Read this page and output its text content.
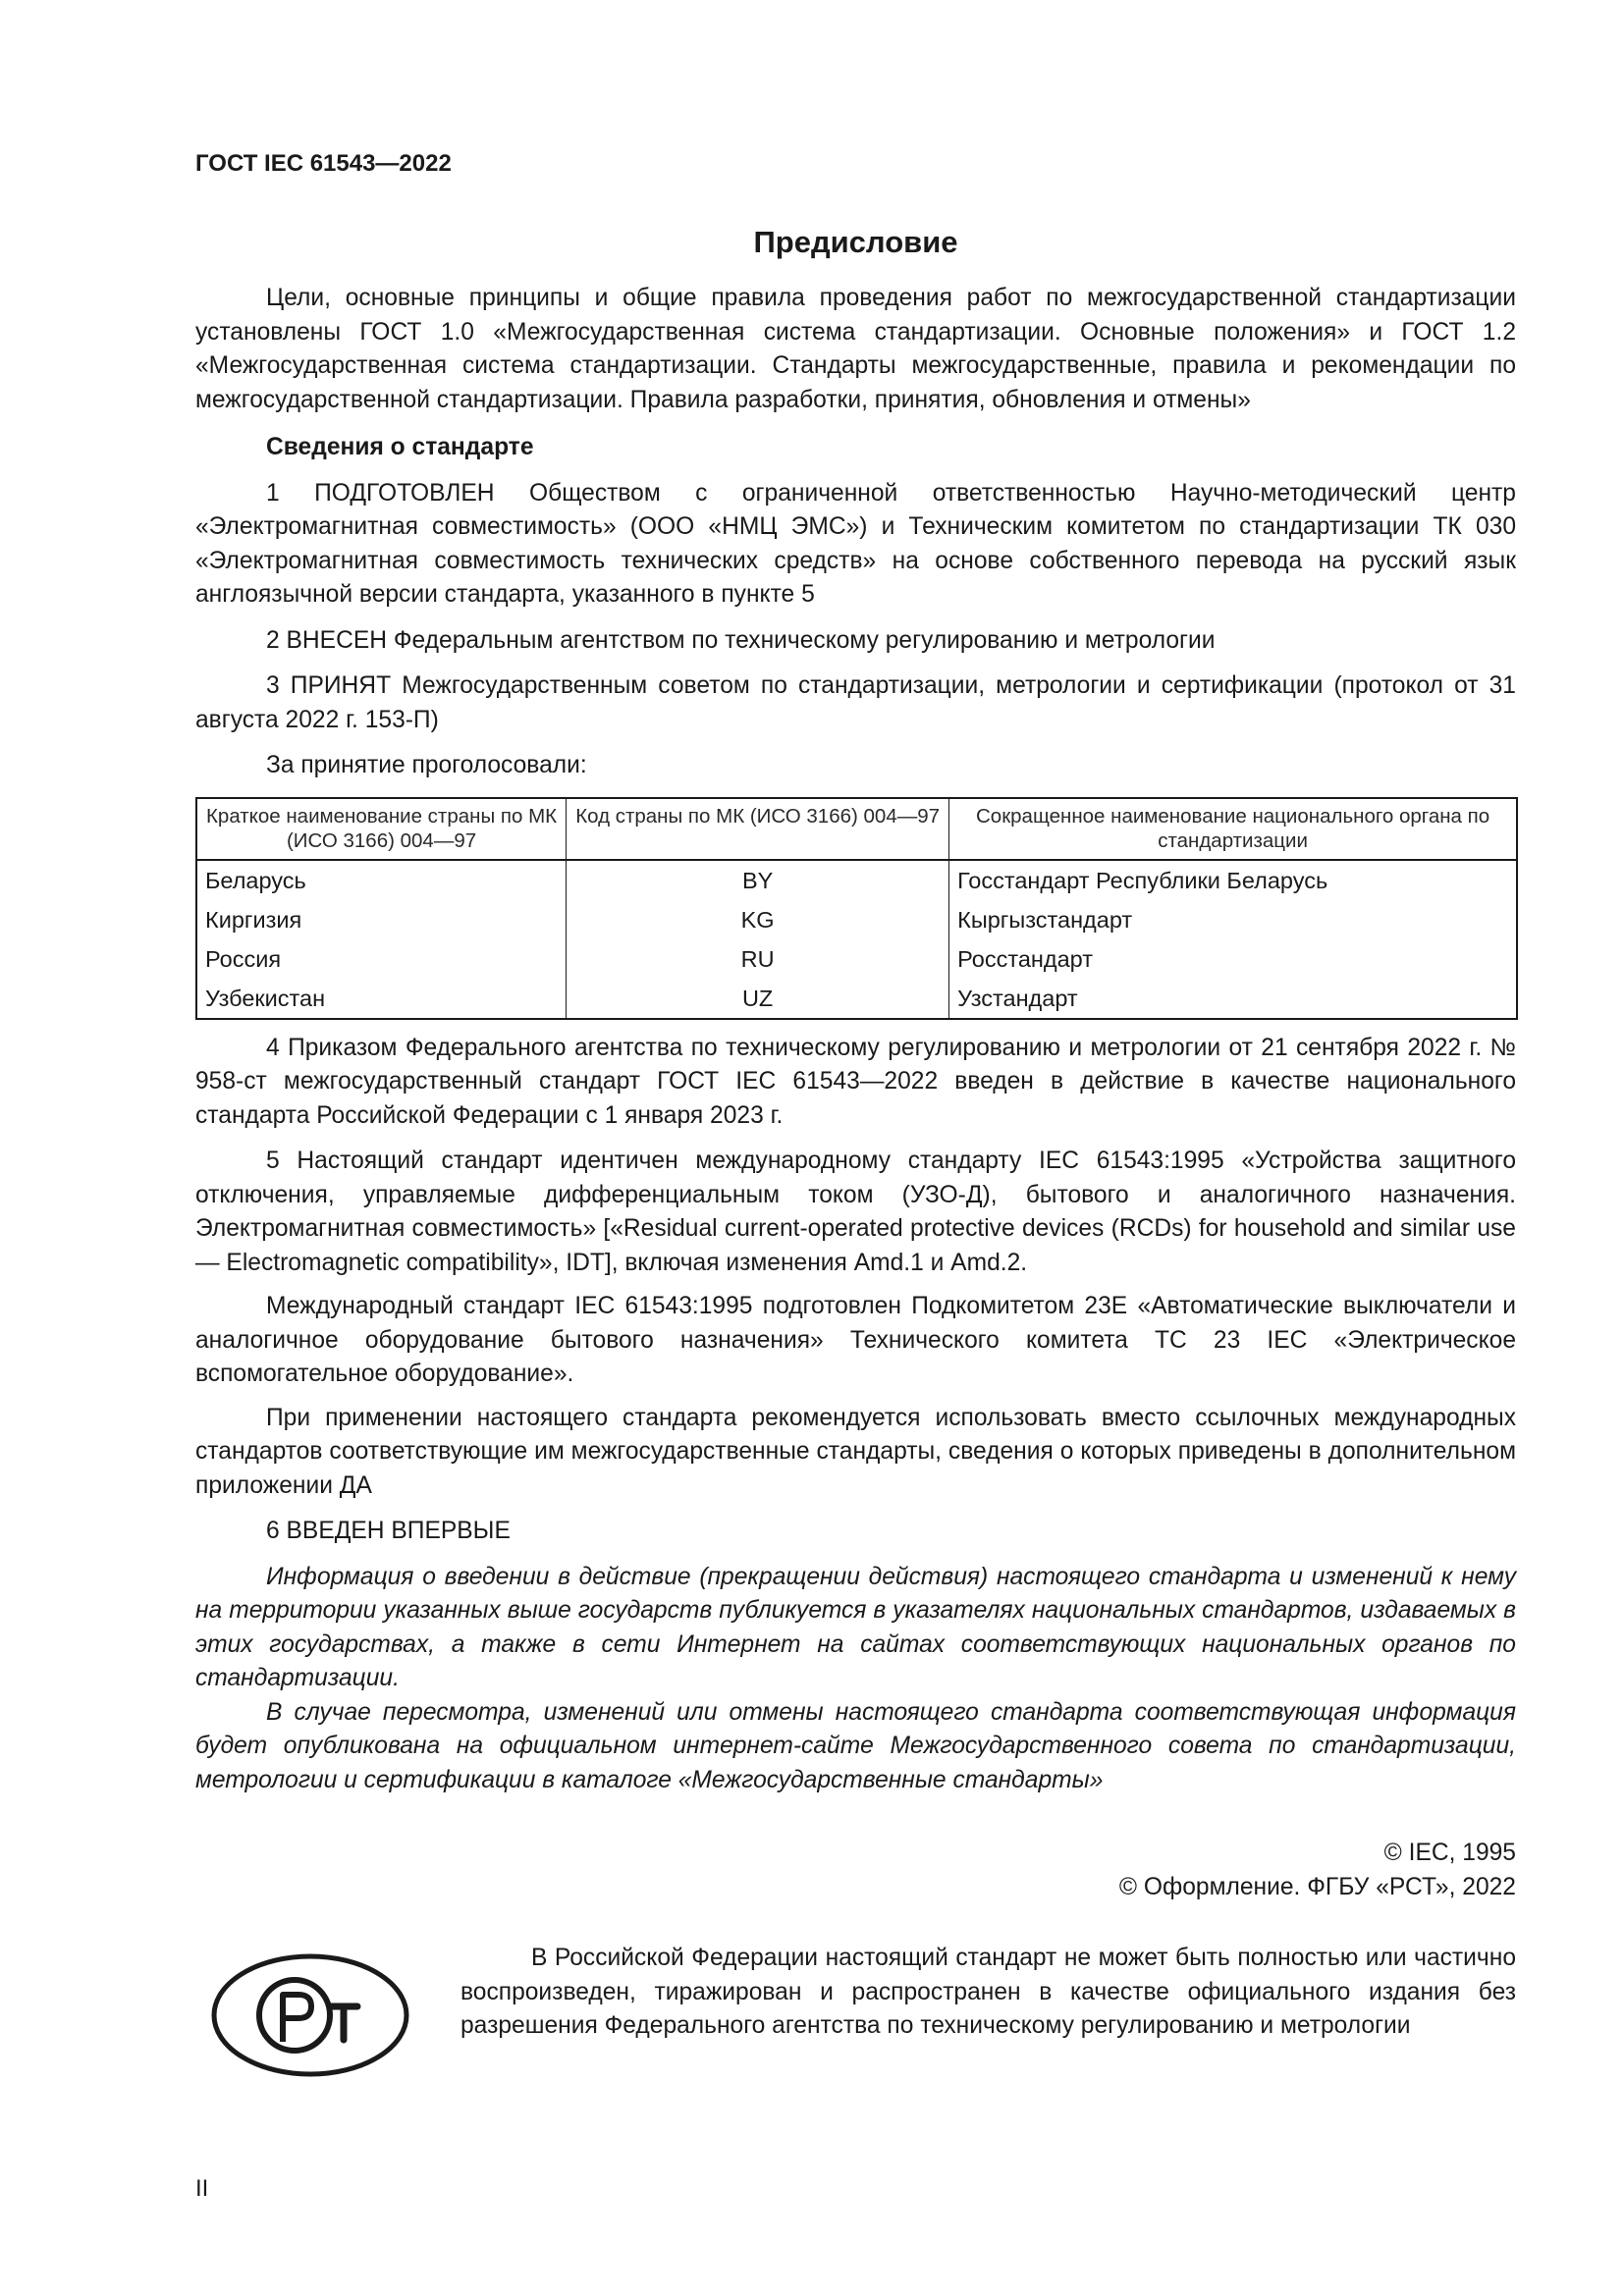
ГОСТ IEC 61543—2022
Предисловие

Цели, основные принципы и общие правила проведения работ по межгосударственной стандартизации установлены ГОСТ 1.0 «Межгосударственная система стандартизации. Основные положения» и ГОСТ 1.2 «Межгосударственная система стандартизации. Стандарты межгосударственные, правила и рекомендации по межгосударственной стандартизации. Правила разработки, принятия, обновления и отмены»

Сведения о стандарте

1 ПОДГОТОВЛЕН Обществом с ограниченной ответственностью Научно-методический центр «Электромагнитная совместимость» (ООО «НМЦ ЭМС») и Техническим комитетом по стандартизации ТК 030 «Электромагнитная совместимость технических средств» на основе собственного перевода на русский язык англоязычной версии стандарта, указанного в пункте 5

2 ВНЕСЕН Федеральным агентством по техническому регулированию и метрологии

3 ПРИНЯТ Межгосударственным советом по стандартизации, метрологии и сертификации (протокол от 31 августа 2022 г. 153-П)

За принятие проголосовали:

Краткое наименование страны по МК (ИСО 3166) 004—97	Код страны по МК (ИСО 3166) 004—97	Сокращенное наименование национального органа по стандартизации
Беларусь	BY	Госстандарт Республики Беларусь
Киргизия	KG	Кыргызстандарт
Россия	RU	Росстандарт
Узбекистан	UZ	Узстандарт

4 Приказом Федерального агентства по техническому регулированию и метрологии от 21 сентября 2022 г. № 958-ст межгосударственный стандарт ГОСТ IEC 61543—2022 введен в действие в качестве национального стандарта Российской Федерации с 1 января 2023 г.

5 Настоящий стандарт идентичен международному стандарту IEC 61543:1995 «Устройства защитного отключения, управляемые дифференциальным током (УЗО-Д), бытового и аналогичного назначения. Электромагнитная совместимость» [«Residual current-operated protective devices (RCDs) for household and similar use — Electromagnetic compatibility», IDT], включая изменения Amd.1 и Amd.2.

Международный стандарт IEC 61543:1995 подготовлен Подкомитетом 23E «Автоматические выключатели и аналогичное оборудование бытового назначения» Технического комитета TC 23 IEC «Электрическое вспомогательное оборудование».

При применении настоящего стандарта рекомендуется использовать вместо ссылочных международных стандартов соответствующие им межгосударственные стандарты, сведения о которых приведены в дополнительном приложении ДА

6 ВВЕДЕН ВПЕРВЫЕ

Информация о введении в действие (прекращении действия) настоящего стандарта и изменений к нему на территории указанных выше государств публикуется в указателях национальных стандартов, издаваемых в этих государствах, а также в сети Интернет на сайтах соответствующих национальных органов по стандартизации.

В случае пересмотра, изменений или отмены настоящего стандарта соответствующая информация будет опубликована на официальном интернет-сайте Межгосударственного совета по стандартизации, метрологии и сертификации в каталоге «Межгосударственные стандарты»

© IEC, 1995
© Оформление. ФГБУ «РСТ», 2022

В Российской Федерации настоящий стандарт не может быть полностью или частично воспроизведен, тиражирован и распространен в качестве официального издания без разрешения Федерального агентства по техническому регулированию и метрологии

II
